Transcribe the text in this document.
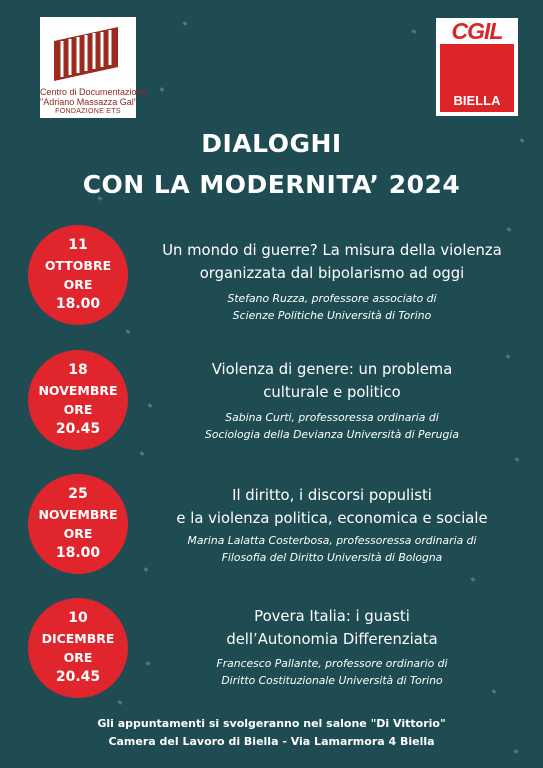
Centro di Documentazione
"Adriano Massazza Gal"
FONDAZIONE ETS
CGIL
BIELLA
DIALOGHI
CON LA MODERNITA’ 2024
11
OTTOBRE
ORE
18.00
Un mondo di guerre? La misura della violenza
organizzata dal bipolarismo ad oggi
Stefano Ruzza, professore associato di
Scienze Politiche Università di Torino
18
NOVEMBRE
ORE
20.45
Violenza di genere: un problema
culturale e politico
Sabina Curti, professoressa ordinaria di
Sociologia della Devianza Università di Perugia
25
NOVEMBRE
ORE
18.00
Il diritto, i discorsi populisti
e la violenza politica, economica e sociale
Marina Lalatta Costerbosa, professoressa ordinaria di
Filosofia del Diritto Università di Bologna
10
DICEMBRE
ORE
20.45
Povera Italia: i guasti
dell’Autonomia Differenziata
Francesco Pallante, professore ordinario di
Diritto Costituzionale Università di Torino
Gli appuntamenti si svolgeranno nel salone "Di Vittorio"
Camera del Lavoro di Biella - Via Lamarmora 4 Biella
